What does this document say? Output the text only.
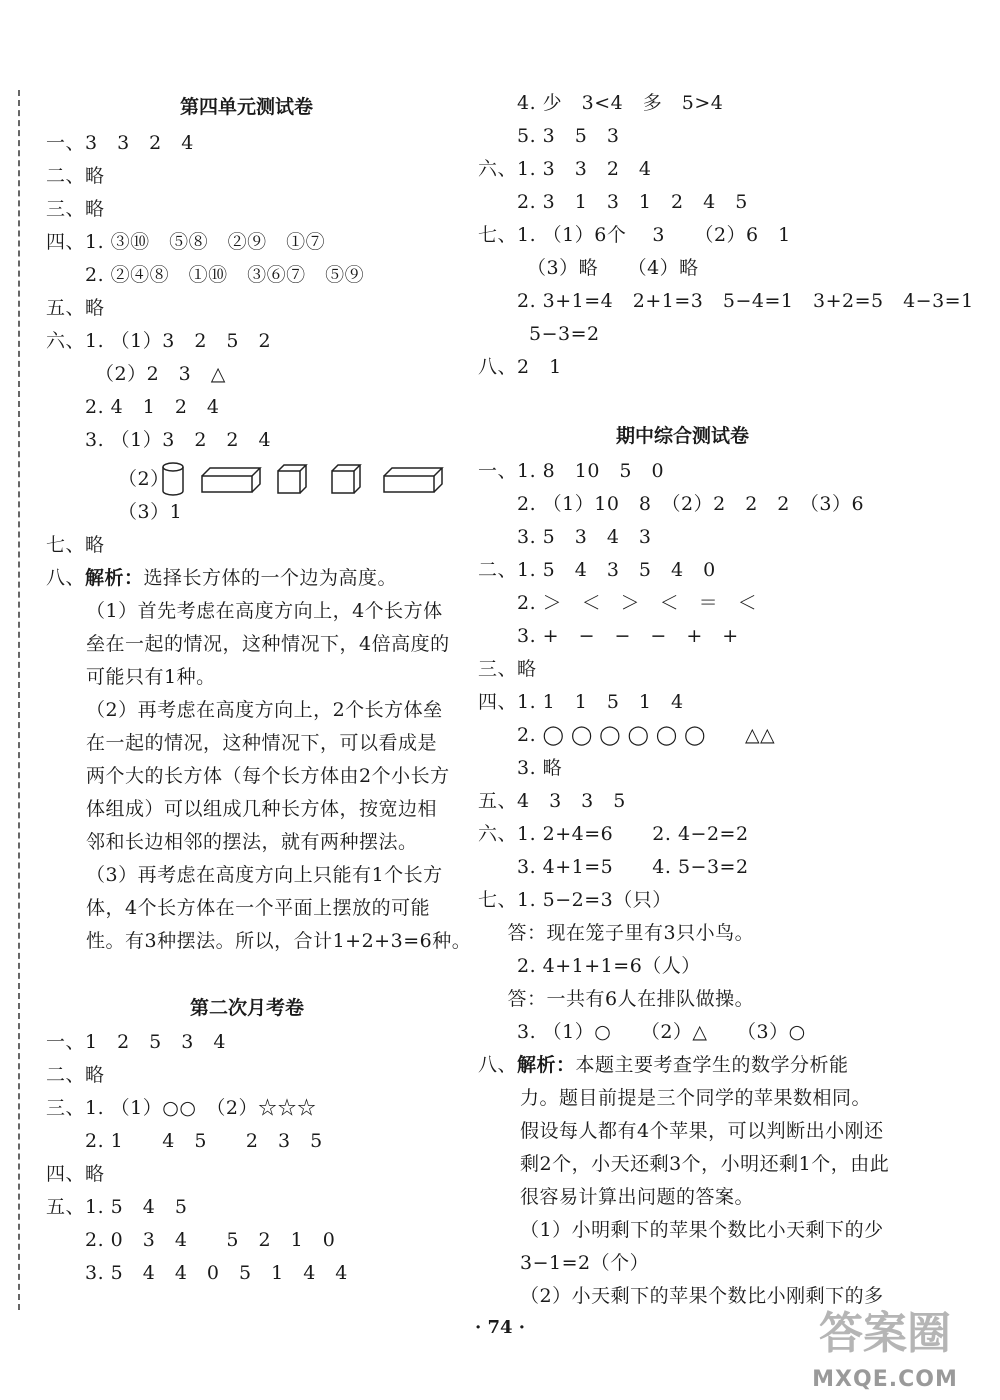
第四单元测试卷
一、3　3　2　4
二、略
三、略
四、1. ③⑩　⑤⑧　②⑨　①⑦
　　2. ②④⑧　①⑩　③⑥⑦　⑤⑨
五、略
六、1. （1）3　2　5　2
　　　（2）2　3　△
　　2. 4　1　2　4
　　3. （1）3　2　2　4
（2）
（3）1
七、略
八、解析：选择长方体的一个边为高度。
（1）首先考虑在高度方向上，4个长方体
垒在一起的情况，这种情况下，4倍高度的
可能只有1种。
（2）再考虑在高度方向上，2个长方体垒
在一起的情况，这种情况下，可以看成是
两个大的长方体（每个长方体由2个小长方
体组成）可以组成几种长方体，按宽边相
邻和长边相邻的摆法，就有两种摆法。
（3）再考虑在高度方向上只能有1个长方
体，4个长方体在一个平面上摆放的可能
性。有3种摆法。所以，合计1+2+3=6种。
第二次月考卷
一、1　2　5　3　4
二、略
三、1. （1）○○　（2）☆☆☆
　　2. 1　　4　5　　2　3　5
四、略
五、1. 5　4　5
　　2. 0　3　4　　5　2　1　0
　　3. 5　4　4　0　5　1　4　4
　　4. 少　3<4　多　5>4
　　5. 3　5　3
六、1. 3　3　2　4
　　2. 3　1　3　1　2　4　5
七、1. （1）6个　 3　　（2）6　1
　　　（3）略　　（4）略
　　2. 3+1=4　2+1=3　5−4=1　3+2=5　4−3=1
　　5−3=2
八、2　1
期中综合测试卷
一、1. 8　10　5　0
　　2. （1）10　8　（2）2　2　2　（3）6
　　3. 5　3　4　3
二、1. 5　4　3　5　4　0
　　2. ＞　＜　＞　＜　＝　＜
　　3. +　−　−　−　+　+
三、略
四、1. 1　1　5　1　4
　　2. ◯ ◯ ◯ ◯ ◯ ◯　　△△
　　3. 略
五、4　3　3　5
六、1. 2+4=6　　2. 4−2=2
　　3. 4+1=5　　4. 5−3=2
七、1. 5−2=3（只）
　答：现在笼子里有3只小鸟。
　　2. 4+1+1=6（人）
　答：一共有6人在排队做操。
　　3. （1）○　　（2）△　　（3）○
八、解析：本题主要考查学生的数学分析能
力。题目前提是三个同学的苹果数相同。
假设每人都有4个苹果，可以判断出小刚还
剩2个，小天还剩3个，小明还剩1个，由此
很容易计算出问题的答案。
（1）小明剩下的苹果个数比小天剩下的少
3−1=2（个）
（2）小天剩下的苹果个数比小刚剩下的多
· 74 ·	答案圈
MXQE.COM
